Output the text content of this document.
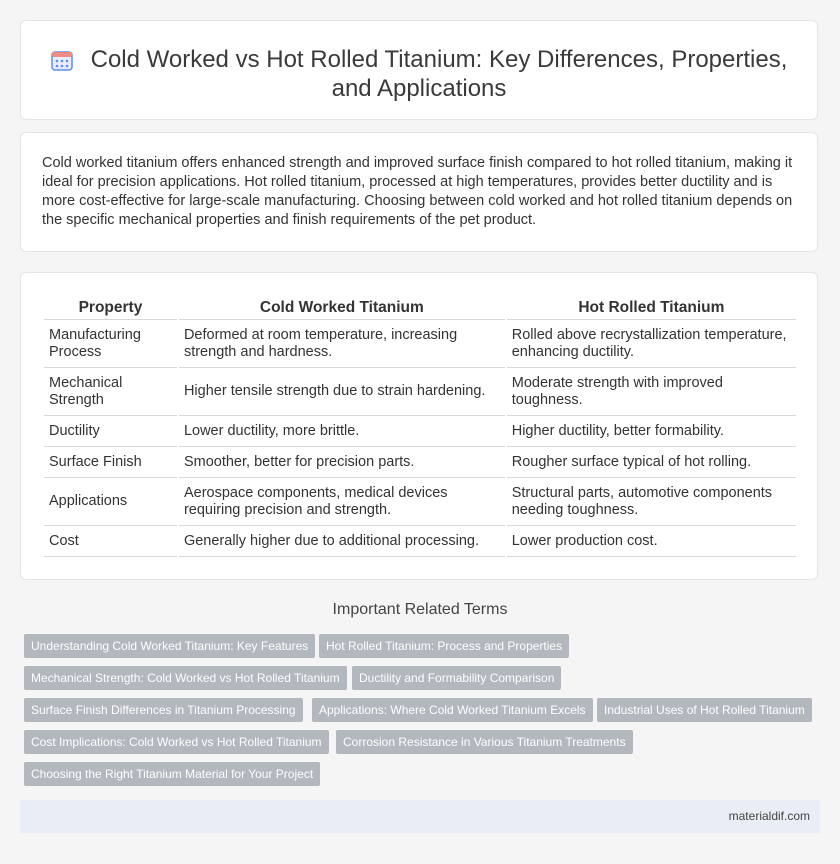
Cold Worked vs Hot Rolled Titanium: Key Differences, Properties,
and Applications
Cold worked titanium offers enhanced strength and improved surface finish compared to hot rolled titanium, making it ideal for precision applications. Hot rolled titanium, processed at high temperatures, provides better ductility and is more cost-effective for large-scale manufacturing. Choosing between cold worked and hot rolled titanium depends on the specific mechanical properties and finish requirements of the pet product.
Property	Cold Worked Titanium	Hot Rolled Titanium
Manufacturing Process	Deformed at room temperature, increasing strength and hardness.	Rolled above recrystallization temperature, enhancing ductility.
Mechanical Strength	Higher tensile strength due to strain hardening.	Moderate strength with improved toughness.
Ductility	Lower ductility, more brittle.	Higher ductility, better formability.
Surface Finish	Smoother, better for precision parts.	Rougher surface typical of hot rolling.
Applications	Aerospace components, medical devices requiring precision and strength.	Structural parts, automotive components needing toughness.
Cost	Generally higher due to additional processing.	Lower production cost.
Important Related Terms
Understanding Cold Worked Titanium: Key Features	Hot Rolled Titanium: Process and Properties
Mechanical Strength: Cold Worked vs Hot Rolled Titanium	Ductility and Formability Comparison
Surface Finish Differences in Titanium Processing	Applications: Where Cold Worked Titanium Excels	Industrial Uses of Hot Rolled Titanium
Cost Implications: Cold Worked vs Hot Rolled Titanium	Corrosion Resistance in Various Titanium Treatments
Choosing the Right Titanium Material for Your Project
materialdif.com
